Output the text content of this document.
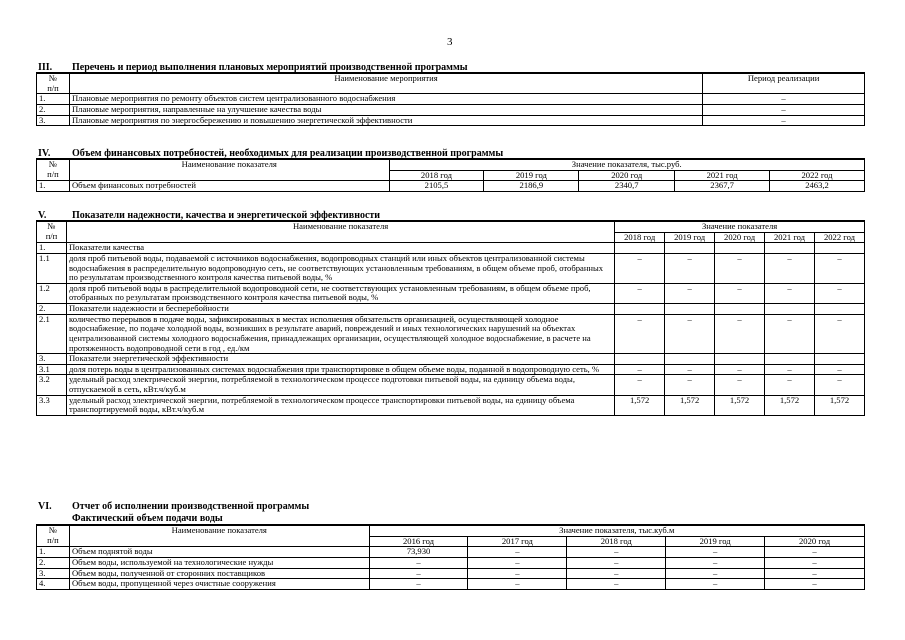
3
III. Перечень и период выполнения плановых мероприятий производственной программы
№
п/п	Наименование мероприятия	Период реализации
1.	Плановые мероприятия по ремонту объектов систем централизованного водоснабжения	–
2.	Плановые мероприятия, направленные на улучшение качества воды	–
3.	Плановые мероприятия по энергосбережению и повышению энергетической эффективности	–
IV. Объем финансовых потребностей, необходимых для реализации производственной программы
№
п/п	Наименование показателя	Значение показателя, тыс.руб.				
		2018 год	2019 год	2020 год	2021 год	2022 год
1.	Объем финансовых потребностей	2105,5	2186,9	2340,7	2367,7	2463,2
V.	Показатели надежности, качества и энергетической эффективности
№
п/п	Наименование показателя	Значение показателя				
		2018 год	2019 год	2020 год	2021 год	2022 год
1.	Показатели качества					
1.1	доля проб питьевой воды, подаваемой с источников водоснабжения, водопроводных станций или иных объектов централизованной системы водоснабжения в распределительную водопроводную сеть, не соответствующих установленным требованиям, в общем объеме проб, отобранных по результатам производственного контроля качества питьевой воды, %	–	–	–	–	–
1.2	доля проб питьевой воды в распределительной водопроводной сети, не соответствующих установленным требованиям, в общем объеме проб, отобранных по результатам производственного контроля качества питьевой воды, %	–	–	–	–	–
2.	Показатели надежности и бесперебойности					
2.1	количество перерывов в подаче воды, зафиксированных в местах исполнения обязательств организацией, осуществляющей холодное водоснабжение, по подаче холодной воды, возникших в результате аварий, повреждений и иных технологических нарушений на объектах централизованной системы холодного водоснабжения, принадлежащих организации, осуществляющей холодное водоснабжение, в расчете на протяженность водопроводной сети в год , ед./км	–	–	–	–	–
3.	Показатели энергетической эффективности					
3.1	доля потерь воды в централизованных системах водоснабжения при транспортировке в общем объеме воды, поданной в водопроводную сеть, %	–	–	–	–	–
3.2	удельный расход электрической энергии, потребляемой в технологическом процессе подготовки питьевой воды, на единицу объема воды, отпускаемой в сеть, кВт.ч/куб.м	–	–	–	–	–
3.3	удельный расход электрической энергии, потребляемой в технологическом процессе транспортировки питьевой воды, на единицу объема транспортируемой воды, кВт.ч/куб.м	1,572	1,572	1,572	1,572	1,572
VI. Отчет об исполнении производственной программы
Фактический объем подачи воды
№
п/п	Наименование показателя	Значение показателя, тыс.куб.м				
		2016 год	2017 год	2018 год	2019 год	2020 год
1.	Объем поднятой воды	73,930	–	–	–	–
2.	Объем воды, используемой на технологические нужды	–	–	–	–	–
3.	Объем воды, полученной от сторонних поставщиков	–	–	–	–	–
4.	Объем воды, пропущенной через очистные сооружения	–	–	–	–	–
